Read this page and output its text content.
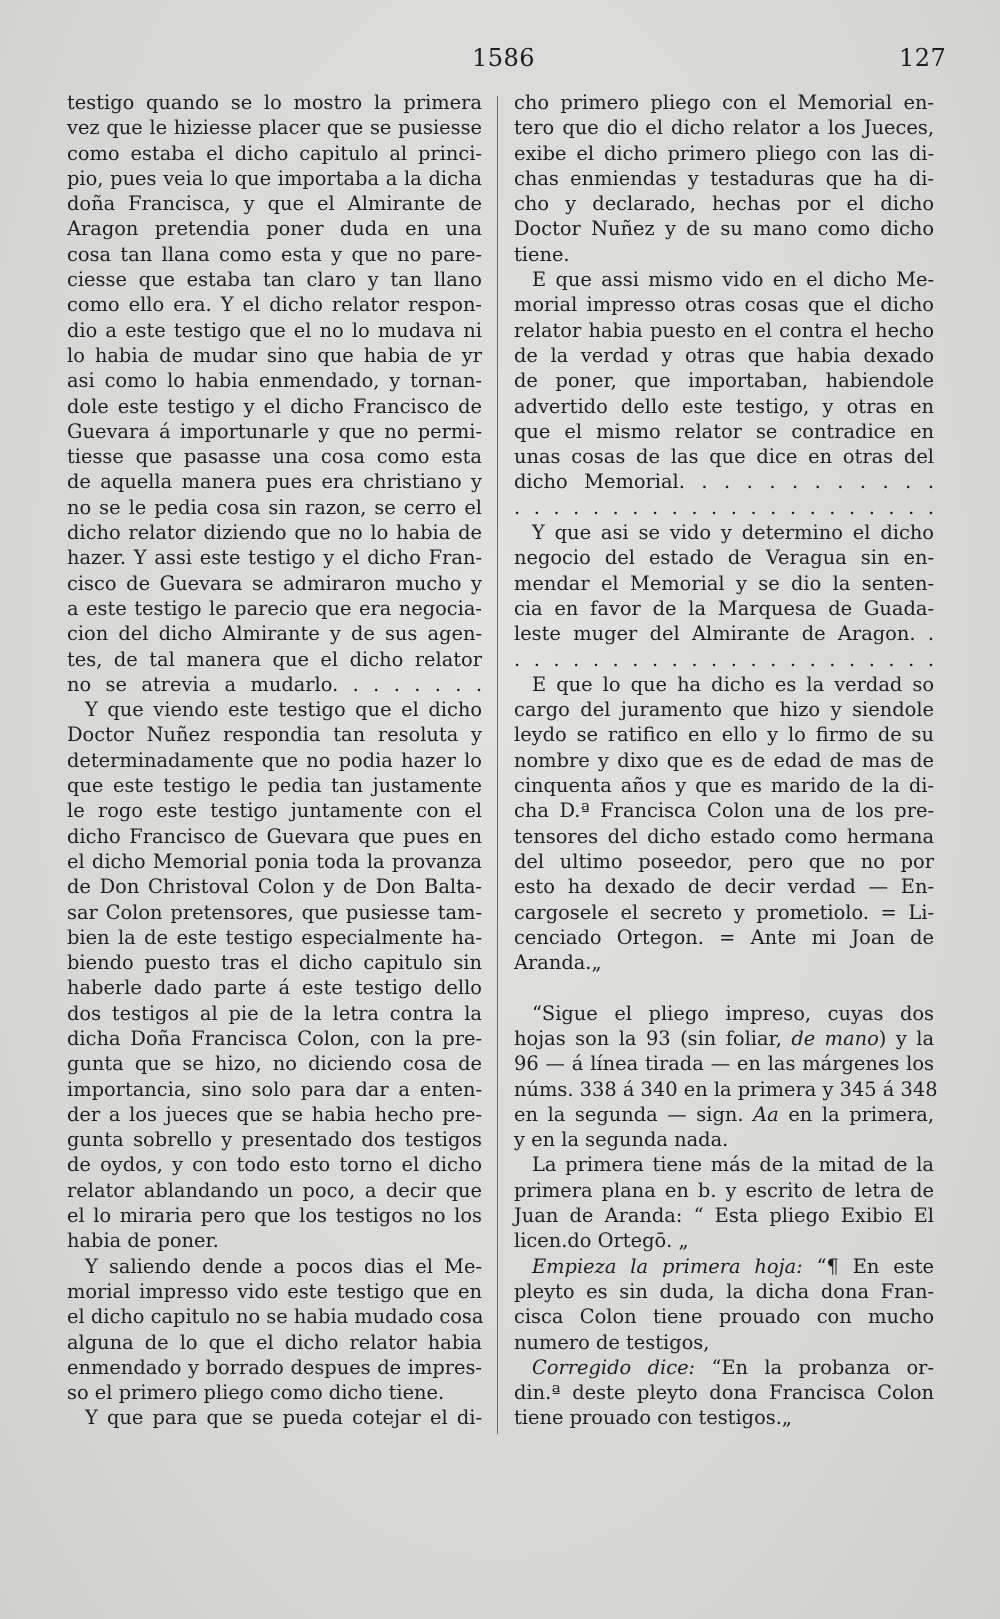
1586	127
testigo quando se lo mostro la primera
vez que le hiziesse placer que se pusiesse
como estaba el dicho capitulo al princi-
pio, pues veia lo que importaba a la dicha
doña Francisca, y que el Almirante de
Aragon pretendia poner duda en una
cosa tan llana como esta y que no pare-
ciesse que estaba tan claro y tan llano
como ello era. Y el dicho relator respon-
dio a este testigo que el no lo mudava ni
lo habia de mudar sino que habia de yr
asi como lo habia enmendado, y tornan-
dole este testigo y el dicho Francisco de
Guevara á importunarle y que no permi-
tiesse que pasasse una cosa como esta
de aquella manera pues era christiano y
no se le pedia cosa sin razon, se cerro el
dicho relator diziendo que no lo habia de
hazer. Y assi este testigo y el dicho Fran-
cisco de Guevara se admiraron mucho y
a este testigo le parecio que era negocia-
cion del dicho Almirante y de sus agen-
tes, de tal manera que el dicho relator
no se atrevia a mudarlo. . . . . . . .
Y que viendo este testigo que el dicho
Doctor Nuñez respondia tan resoluta y
determinadamente que no podia hazer lo
que este testigo le pedia tan justamente
le rogo este testigo juntamente con el
dicho Francisco de Guevara que pues en
el dicho Memorial ponia toda la provanza
de Don Christoval Colon y de Don Balta-
sar Colon pretensores, que pusiesse tam-
bien la de este testigo especialmente ha-
biendo puesto tras el dicho capitulo sin
haberle dado parte á este testigo dello
dos testigos al pie de la letra contra la
dicha Doña Francisca Colon, con la pre-
gunta que se hizo, no diciendo cosa de
importancia, sino solo para dar a enten-
der a los jueces que se habia hecho pre-
gunta sobrello y presentado dos testigos
de oydos, y con todo esto torno el dicho
relator ablandando un poco, a decir que
el lo miraria pero que los testigos no los
habia de poner.
Y saliendo dende a pocos dias el Me-
morial impresso vido este testigo que en
el dicho capitulo no se habia mudado cosa
alguna de lo que el dicho relator habia
enmendado y borrado despues de impres-
so el primero pliego como dicho tiene.
Y que para que se pueda cotejar el di-
cho primero pliego con el Memorial en-
tero que dio el dicho relator a los Jueces,
exibe el dicho primero pliego con las di-
chas enmiendas y testaduras que ha di-
cho y declarado, hechas por el dicho
Doctor Nuñez y de su mano como dicho
tiene.
E que assi mismo vido en el dicho Me-
morial impresso otras cosas que el dicho
relator habia puesto en el contra el hecho
de la verdad y otras que habia dexado
de poner, que importaban, habiendole
advertido dello este testigo, y otras en
que el mismo relator se contradice en
unas cosas de las que dice en otras del
dicho Memorial. . . . . . . . . . . .
. . . . . . . . . . . . . . . . . . . . . .
Y que asi se vido y determino el dicho
negocio del estado de Veragua sin en-
mendar el Memorial y se dio la senten-
cia en favor de la Marquesa de Guada-
leste muger del Almirante de Aragon. .
. . . . . . . . . . . . . . . . . . . . . .
E que lo que ha dicho es la verdad so
cargo del juramento que hizo y siendole
leydo se ratifico en ello y lo firmo de su
nombre y dixo que es de edad de mas de
cinquenta años y que es marido de la di-
cha D.ª Francisca Colon una de los pre-
tensores del dicho estado como hermana
del ultimo poseedor, pero que no por
esto ha dexado de decir verdad — En-
cargosele el secreto y prometiolo. = Li-
cenciado Ortegon. = Ante mi Joan de
Aranda.„
“Sigue el pliego impreso, cuyas dos
hojas son la 93 (sin foliar, de mano) y la
96 — á línea tirada — en las márgenes los
núms. 338 á 340 en la primera y 345 á 348
en la segunda — sign. Aa en la primera,
y en la segunda nada.
La primera tiene más de la mitad de la
primera plana en b. y escrito de letra de
Juan de Aranda: “ Esta pliego Exibio El
licen.do Ortegō. „
Empieza la primera hoja: “¶ En este
pleyto es sin duda, la dicha dona Fran-
cisca Colon tiene prouado con mucho
numero de testigos,
Corregido dice: “En la probanza or-
din.ª deste pleyto dona Francisca Colon
tiene prouado con testigos.„
